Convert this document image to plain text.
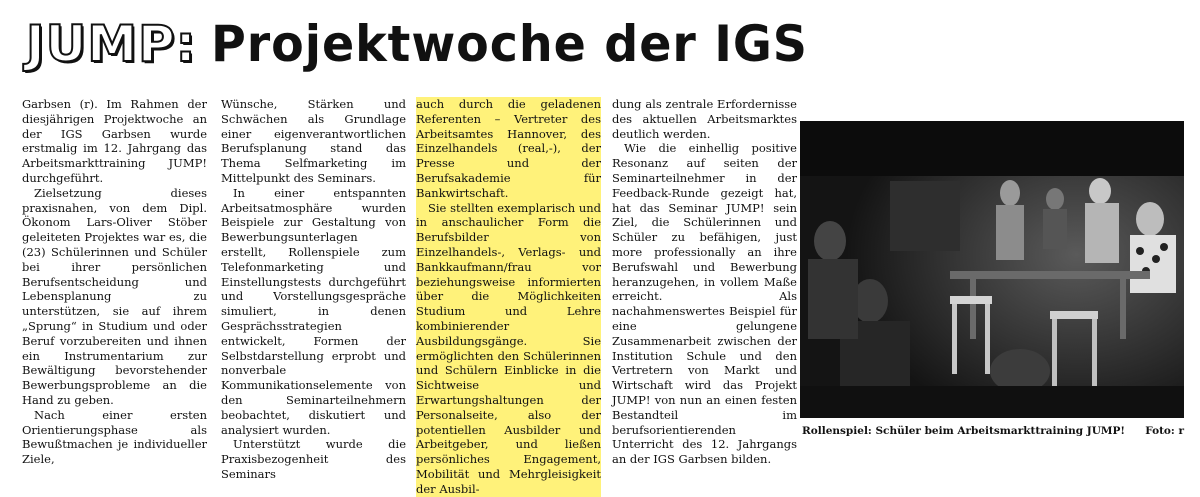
JUMP: Projektwoche der IGS

Garbsen (r). Im Rahmen der diesjährigen Projektwoche an der IGS Garbsen wurde erstmalig im 12. Jahrgang das Arbeitsmarkttraining JUMP! durchgeführt.

Zielsetzung dieses praxisnahen, von dem Dipl. Ökonom Lars-Oliver Stöber geleiteten Projektes war es, die (23) Schülerinnen und Schüler bei ihrer persönlichen Berufsentscheidung und Lebensplanung zu unterstützen, sie auf ihrem „Sprung“ in Studium und oder Beruf vorzubereiten und ihnen ein Instrumentarium zur Bewältigung bevorstehender Bewerbungsprobleme an die Hand zu geben.

Nach einer ersten Orientierungsphase als Bewußtmachen je individueller Ziele,

Wünsche, Stärken und Schwächen als Grundlage einer eigenverantwortlichen Berufsplanung stand das Thema Selfmarketing im Mittelpunkt des Seminars.

In einer entspannten Arbeitsatmosphäre wurden Beispiele zur Gestaltung von Bewerbungsunterlagen erstellt, Rollenspiele zum Telefonmarketing und Einstellungstests durchgeführt und Vorstellungsgespräche simuliert, in denen Gesprächsstrategien entwickelt, Formen der Selbstdarstellung erprobt und nonverbale Kommunikationselemente von den Seminarteilnehmern beobachtet, diskutiert und analysiert wurden.

Unterstützt wurde die Praxisbezogenheit des Seminars

auch durch die geladenen Referenten – Vertreter des Arbeitsamtes Hannover, des Einzelhandels (real,-), der Presse und der Berufsakademie für Bankwirtschaft.

Sie stellten exemplarisch und in anschaulicher Form die Berufsbilder von Einzelhandels-, Verlags- und Bankkaufmann/frau vor beziehungsweise informierten über die Möglichkeiten Studium und Lehre kombinierender Ausbildungsgänge. Sie ermöglichten den Schülerinnen und Schülern Einblicke in die Sichtweise und Erwartungshaltungen der Personalseite, also der potentiellen Ausbilder und Arbeitgeber, und ließen persönliches Engagement, Mobilität und Mehrgleisigkeit der Ausbil-

dung als zentrale Erfordernisse des aktuellen Arbeitsmarktes deutlich werden.

Wie die einhellig positive Resonanz auf seiten der Seminarteilnehmer in der Feedback-Runde gezeigt hat, hat das Seminar JUMP! sein Ziel, die Schülerinnen und Schüler zu befähigen, just more professionally an ihre Berufswahl und Bewerbung heranzugehen, in vollem Maße erreicht. Als nachahmenswertes Beispiel für eine gelungene Zusammenarbeit zwischen der Institution Schule und den Vertretern von Markt und Wirtschaft wird das Projekt JUMP! von nun an einen festen Bestandteil im berufsorientierenden Unterricht des 12. Jahrgangs an der IGS Garbsen bilden.

Rollenspiel: Schüler beim Arbeitsmarkttraining JUMP! Foto: r
